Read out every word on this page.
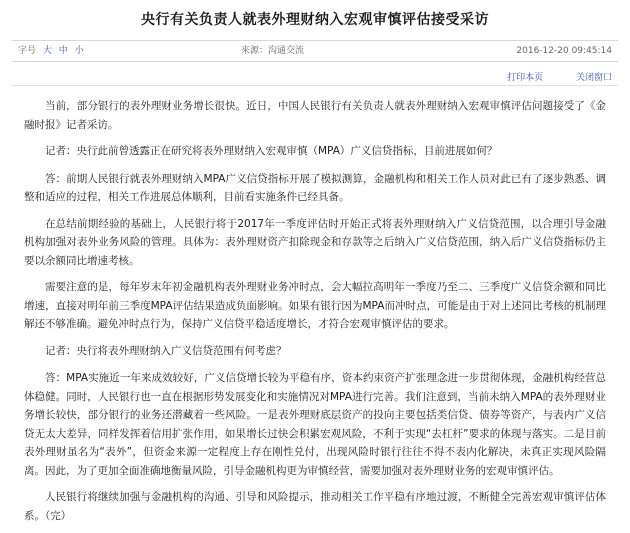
央行有关负责人就表外理财纳入宏观审慎评估接受采访
字号 大 中 小	来源：沟通交流	2016-12-20 09:45:14
打印本页	关闭窗口

当前，部分银行的表外理财业务增长很快。近日，中国人民银行有关负责人就表外理财纳入宏观审慎评估问题接受了《金融时报》记者采访。

记者：央行此前曾透露正在研究将表外理财纳入宏观审慎（MPA）广义信贷指标，目前进展如何？

答：前期人民银行就表外理财纳入MPA广义信贷指标开展了模拟测算，金融机构和相关工作人员对此已有了逐步熟悉、调整和适应的过程，相关工作进展总体顺利，目前看实施条件已经具备。

在总结前期经验的基础上，人民银行将于2017年一季度评估时开始正式将表外理财纳入广义信贷范围，以合理引导金融机构加强对表外业务风险的管理。具体为：表外理财资产扣除现金和存款等之后纳入广义信贷范围，纳入后广义信贷指标仍主要以余额同比增速考核。

需要注意的是，每年岁末年初金融机构表外理财业务冲时点，会大幅拉高明年一季度乃至二、三季度广义信贷余额和同比增速，直接对明年前三季度MPA评估结果造成负面影响。如果有银行因为MPA而冲时点，可能是由于对上述同比考核的机制理解还不够准确。避免冲时点行为，保持广义信贷平稳适度增长，才符合宏观审慎评估的要求。

记者：央行将表外理财纳入广义信贷范围有何考虑？

答：MPA实施近一年来成效较好，广义信贷增长较为平稳有序，资本约束资产扩张理念进一步贯彻体现，金融机构经营总体稳健。同时，人民银行也一直在根据形势发展变化和实施情况对MPA进行完善。我们注意到，当前未纳入MPA的表外理财业务增长较快，部分银行的业务还潜藏着一些风险。一是表外理财底层资产的投向主要包括类信贷、债券等资产，与表内广义信贷无太大差异，同样发挥着信用扩张作用，如果增长过快会积累宏观风险，不利于实现“去杠杆”要求的体现与落实。二是目前表外理财虽名为“表外”，但资金来源一定程度上存在刚性兑付，出现风险时银行往往不得不表内化解决，未真正实现风险隔离。因此，为了更加全面准确地衡量风险，引导金融机构更为审慎经营，需要加强对表外理财业务的宏观审慎评估。

人民银行将继续加强与金融机构的沟通、引导和风险提示，推动相关工作平稳有序地过渡，不断健全完善宏观审慎评估体系。（完）
